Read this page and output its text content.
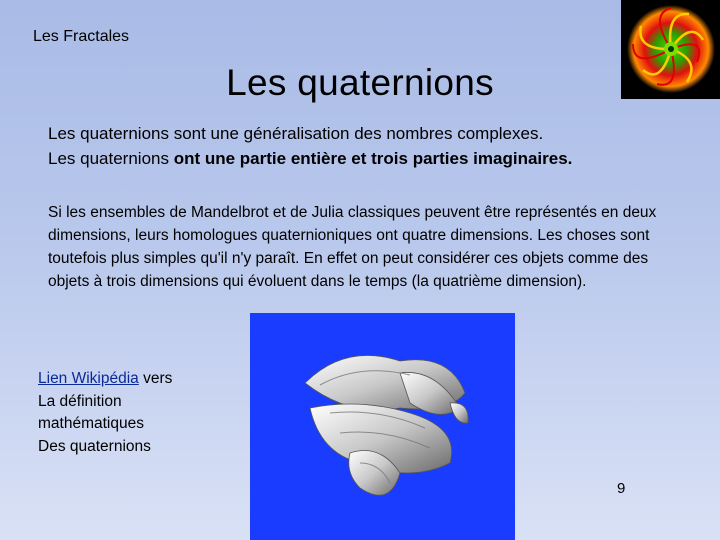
Les Fractales
Les quaternions
Les quaternions sont une généralisation des nombres complexes.
Les quaternions ont une partie entière et trois parties imaginaires.
Si les ensembles de Mandelbrot et de Julia classiques peuvent être représentés en deux dimensions, leurs homologues quaternioniques ont quatre dimensions. Les choses sont toutefois plus simples qu'il n'y paraît. En effet on peut considérer ces objets comme des objets à trois dimensions qui évoluent dans le temps (la quatrième dimension).
Lien Wikipédia vers
La définition
mathématiques
Des quaternions
9
